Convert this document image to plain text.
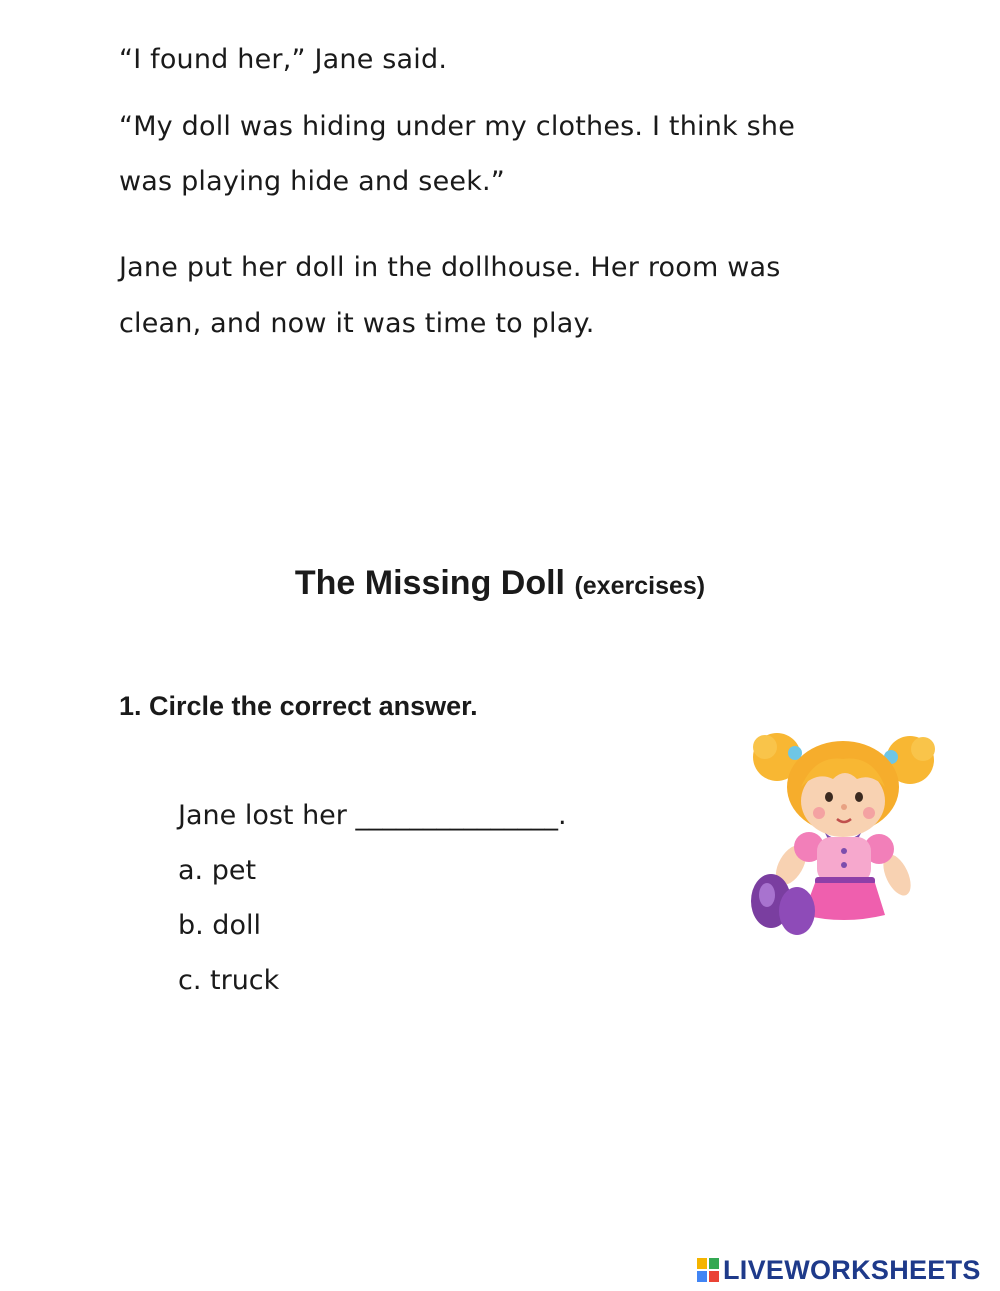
“I found her,” Jane said.

“My doll was hiding under my clothes. I think she

was playing hide and seek.”

Jane put her doll in the dollhouse. Her room was

clean, and now it was time to play.

The Missing Doll (exercises)
1. Circle the correct answer.

Jane lost her _______________.

a. pet

b. doll

c. truck

LIVEWORKSHEETS
